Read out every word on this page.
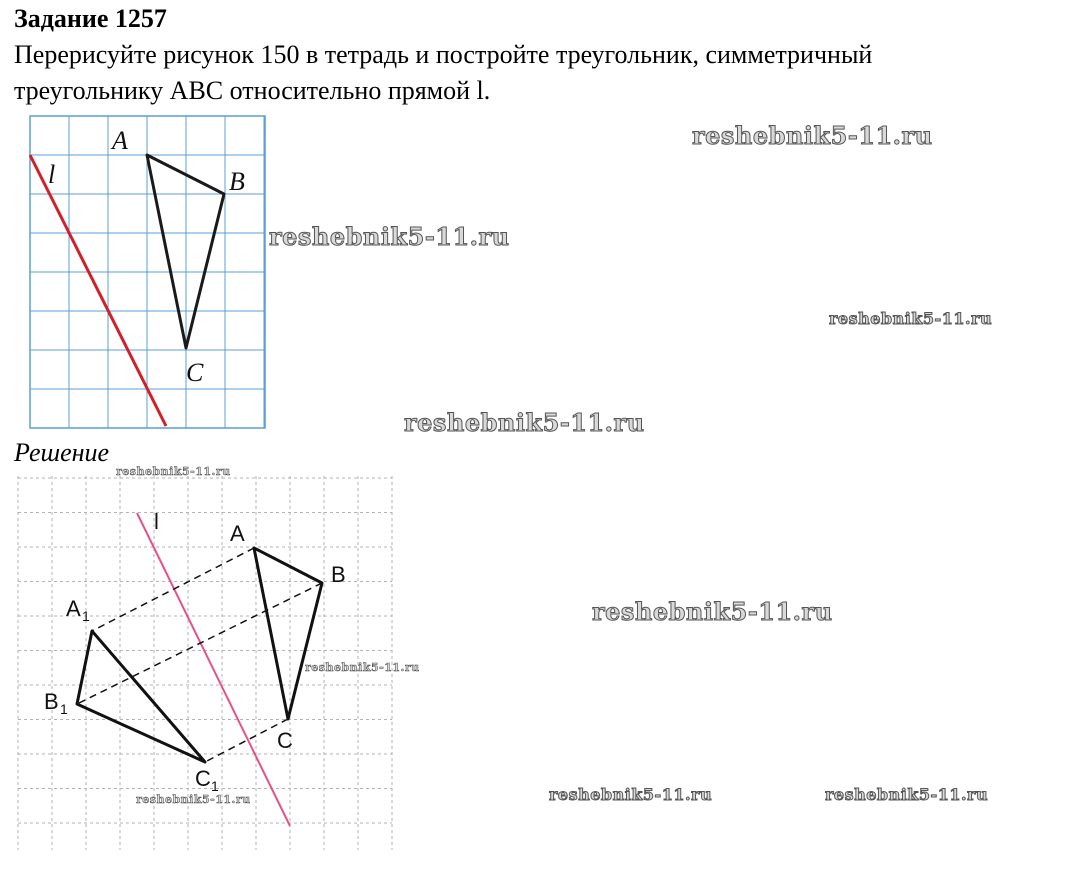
Задание 1257
Перерисуйте рисунок 150 в тетрадь и постройте треугольник, симметричный
треугольнику ABC относительно прямой l.
l
A
B
C
Решение
l	A
B
C
A 1
B 1
C 1
reshebnik5-11.ru
reshebnik5-11.ru
reshebnik5-11.ru
reshebnik5-11.ru
reshebnik5-11.ru
reshebnik5-11.ru
reshebnik5-11.ru
reshebnik5-11.ru	reshebnik5-11.ru
reshebnik5-11.ru
